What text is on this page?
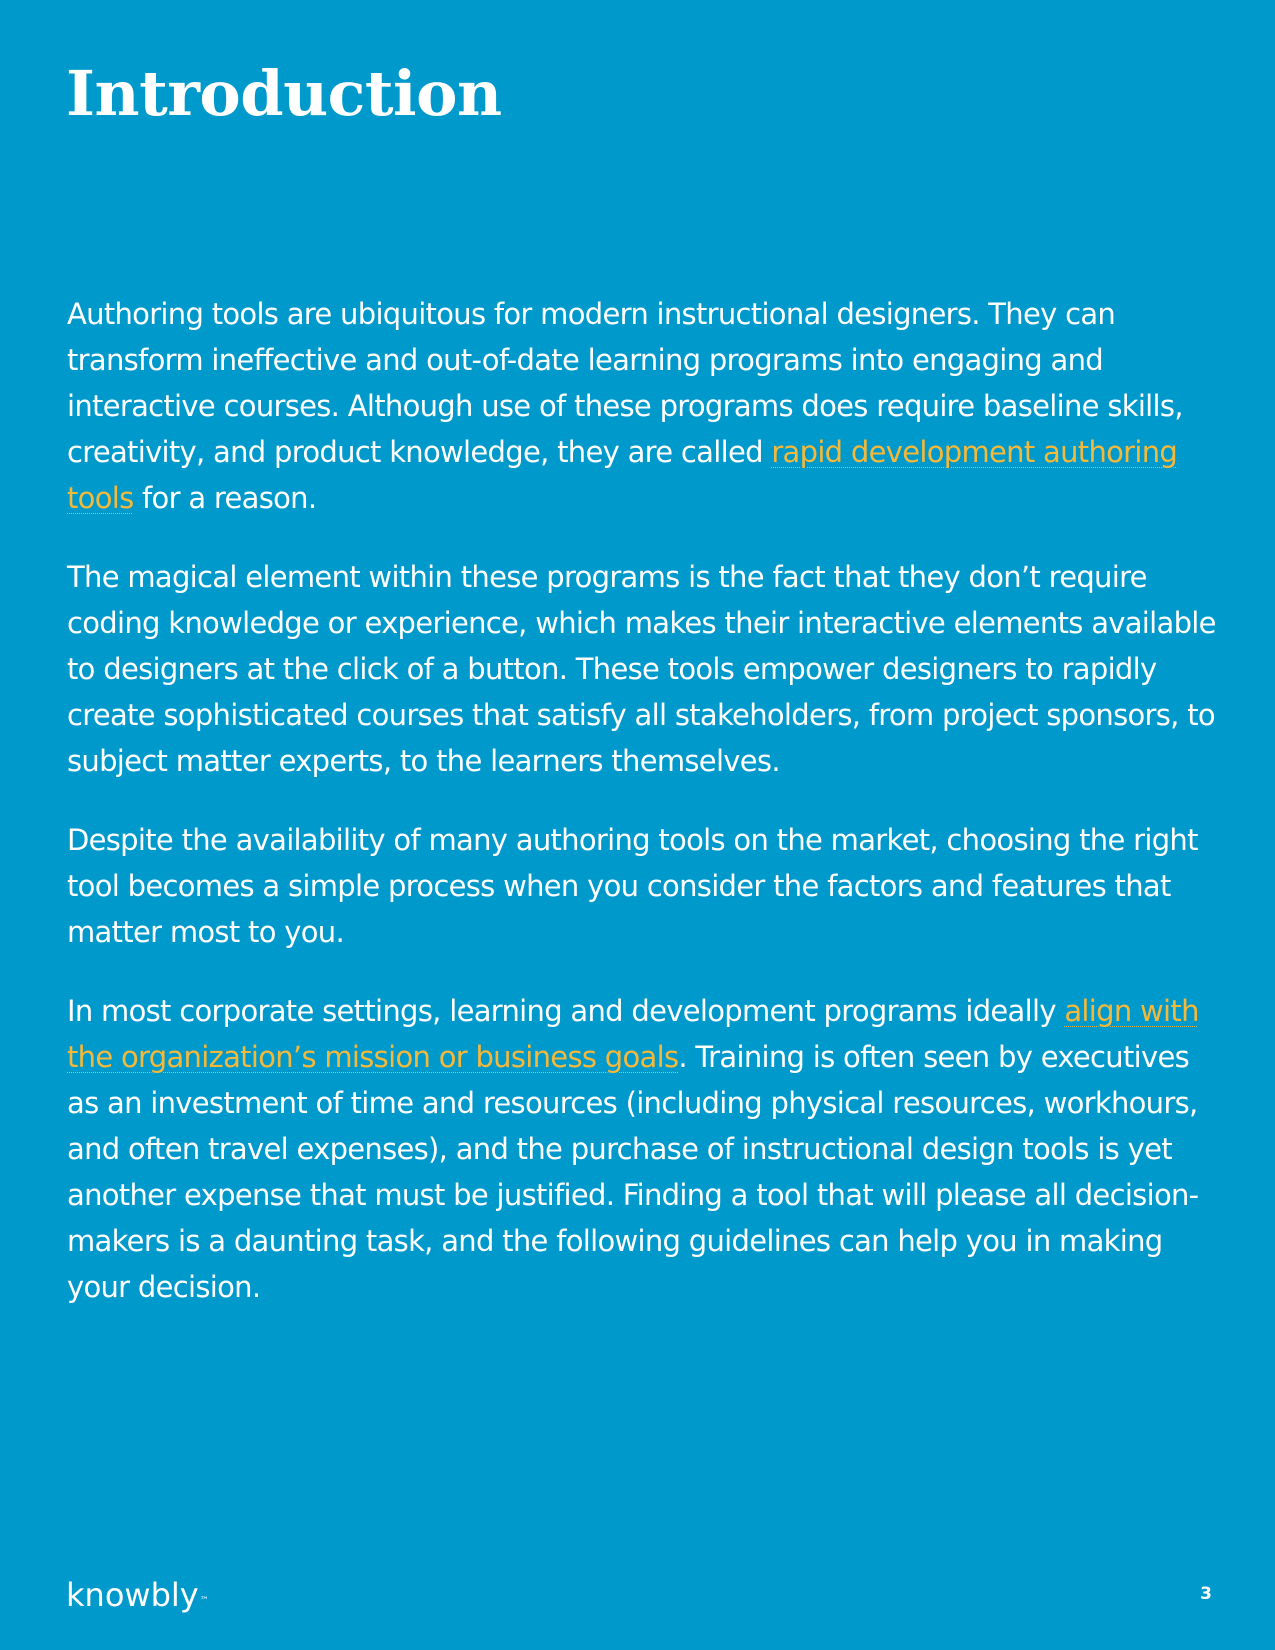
Introduction

Authoring tools are ubiquitous for modern instructional designers. They can transform ineffective and out-of-date learning programs into engaging and interactive courses. Although use of these programs does require baseline skills, creativity, and product knowledge, they are called rapid development authoring tools for a reason.

The magical element within these programs is the fact that they don’t require coding knowledge or experience, which makes their interactive elements available to designers at the click of a button. These tools empower designers to rapidly create sophisticated courses that satisfy all stakeholders, from project sponsors, to subject matter experts, to the learners themselves.

Despite the availability of many authoring tools on the market, choosing the right tool becomes a simple process when you consider the factors and features that matter most to you.

In most corporate settings, learning and development programs ideally align with the organization’s mission or business goals. Training is often seen by executives as an investment of time and resources (including physical resources, workhours, and often travel expenses), and the purchase of instructional design tools is yet another expense that must be justified. Finding a tool that will please all decision-makers is a daunting task, and the following guidelines can help you in making your decision.

knowbly™	3
